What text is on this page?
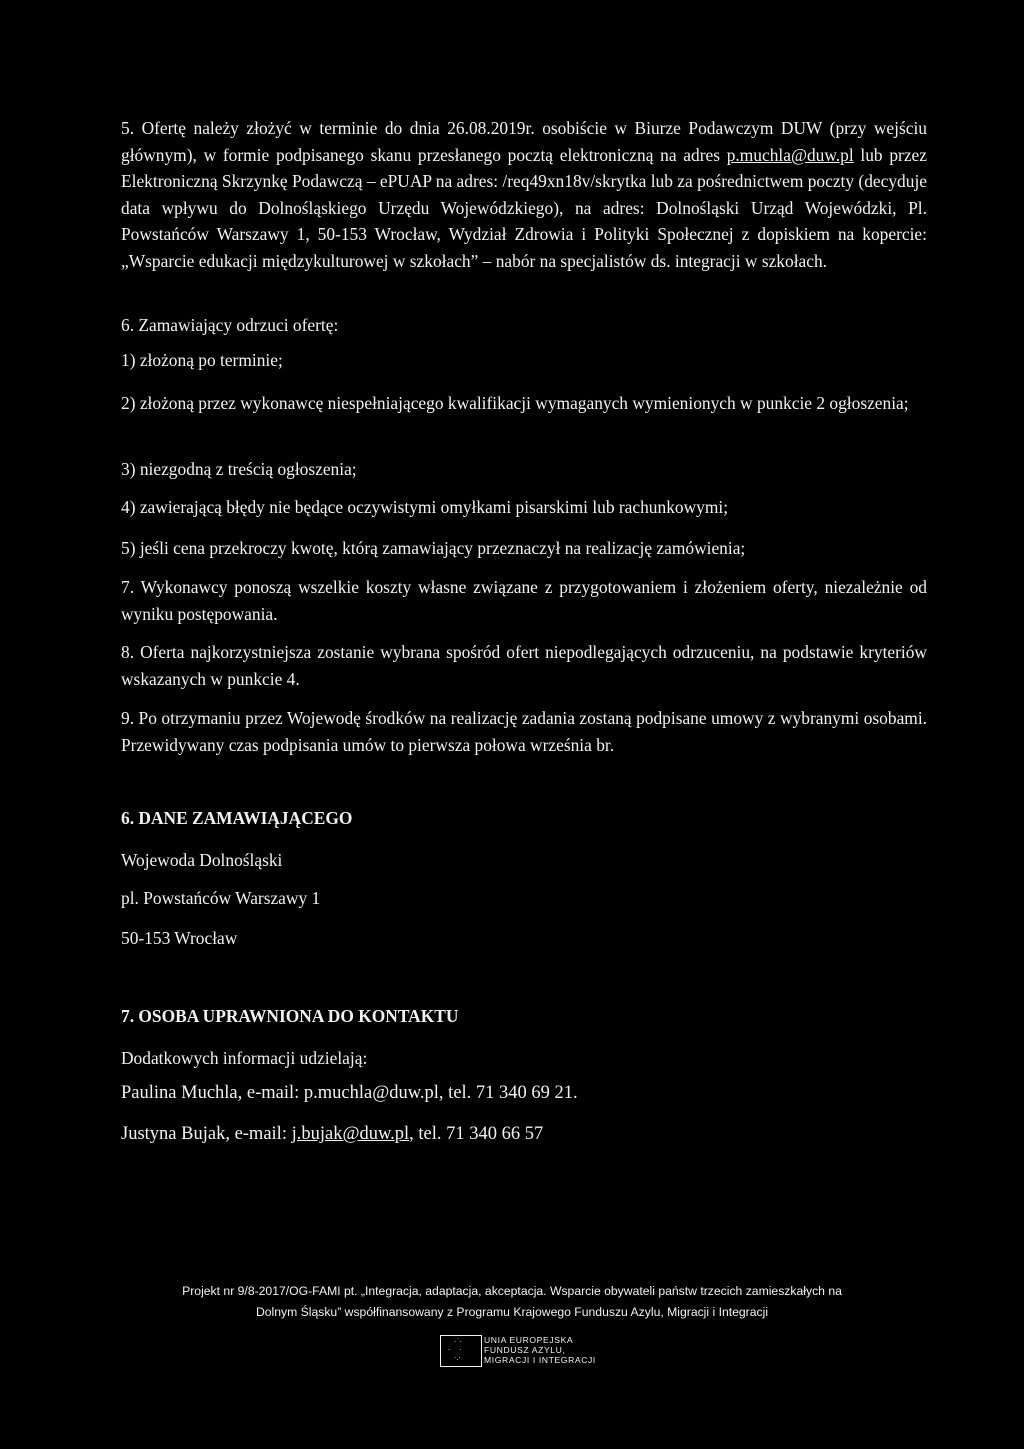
5. Ofertę należy złożyć w terminie do dnia 26.08.2019r. osobiście w Biurze Podawczym DUW (przy wejściu głównym), w formie podpisanego skanu przesłanego pocztą elektroniczną na adres p.muchla@duw.pl lub przez Elektroniczną Skrzynkę Podawczą – ePUAP na adres: /req49xn18v/skrytka lub za pośrednictwem poczty (decyduje data wpływu do Dolnośląskiego Urzędu Wojewódzkiego), na adres: Dolnośląski Urząd Wojewódzki, Pl. Powstańców Warszawy 1, 50-153 Wrocław, Wydział Zdrowia i Polityki Społecznej z dopiskiem na kopercie: „Wsparcie edukacji międzykulturowej w szkołach” – nabór na specjalistów ds. integracji w szkołach.

6. Zamawiający odrzuci ofertę:

1) złożoną po terminie;

2) złożoną przez wykonawcę niespełniającego kwalifikacji wymaganych wymienionych w punkcie 2 ogłoszenia;

3) niezgodną z treścią ogłoszenia;

4) zawierającą błędy nie będące oczywistymi omyłkami pisarskimi lub rachunkowymi;

5) jeśli cena przekroczy kwotę, którą zamawiający przeznaczył na realizację zamówienia;

7. Wykonawcy ponoszą wszelkie koszty własne związane z przygotowaniem i złożeniem oferty, niezależnie od wyniku postępowania.

8. Oferta najkorzystniejsza zostanie wybrana spośród ofert niepodlegających odrzuceniu, na podstawie kryteriów wskazanych w punkcie 4.

9. Po otrzymaniu przez Wojewodę środków na realizację zadania zostaną podpisane umowy z wybranymi osobami. Przewidywany czas podpisania umów to pierwsza połowa września br.

6. DANE ZAMAWIĄJĄCEGO

Wojewoda Dolnośląski

pl. Powstańców Warszawy 1

50-153 Wrocław

7. OSOBA UPRAWNIONA DO KONTAKTU

Dodatkowych informacji udzielają:

Paulina Muchla, e-mail: p.muchla@duw.pl, tel. 71 340 69 21.

Justyna Bujak, e-mail: j.bujak@duw.pl, tel. 71 340 66 57

Projekt nr 9/8-2017/OG-FAMI pt. „Integracja, adaptacja, akceptacja. Wsparcie obywateli państw trzecich zamieszkałych na
Dolnym Śląsku” współfinansowany z Programu Krajowego Funduszu Azylu, Migracji i Integracji
·˙·
·    ·
·.·
UNIA EUROPEJSKA
FUNDUSZ AZYLU,
MIGRACJI I INTEGRACJI
